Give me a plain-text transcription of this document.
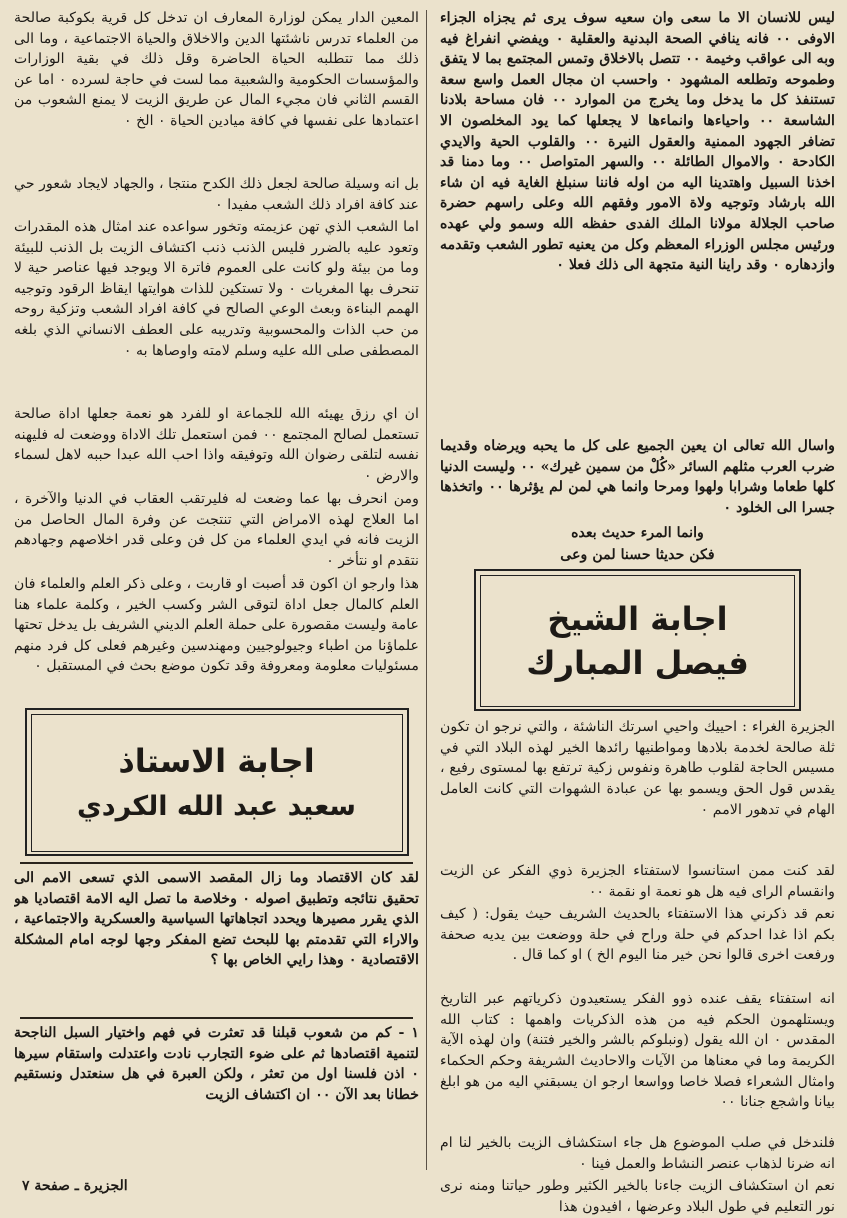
ليس للانسان الا ما سعى وان سعيه سوف يرى ثم يجزاه الجزاء الاوفى ٠٠ فانه ينافي الصحة البدنية والعقلية ٠ ويفضي انفراغ فيه وبه الى عواقب وخيمة ٠٠ تتصل بالاخلاق وتمس المجتمع بما لا يتفق وطموحه وتطلعه المشهود ٠ واحسب ان مجال العمل واسع سعة تستنفذ كل ما يدخل وما يخرج من الموارد ٠٠ فان مساحة بلادنا الشاسعة ٠٠ واحياءها وانماءها لا يجعلها كما يود المخلصون الا تضافر الجهود الممنية والعقول النيرة ٠٠ والقلوب الحية والايدي الكادحة ٠ والاموال الطائلة ٠٠ والسهر المتواصل ٠٠ وما دمنا قد اخذنا السبيل واهتدينا اليه من اوله فاننا سنبلغ الغاية فيه ان شاء الله بارشاد وتوجيه ولاة الامور وفقهم الله وعلى راسهم حضرة صاحب الجلالة مولانا الملك الفدى حفظه الله وسمو ولي عهده ورئيس مجلس الوزراء المعظم وكل من يعنيه تطور الشعب وتقدمه وازدهاره ٠ وقد راينا النية متجهة الى ذلك فعلا ٠

واسال الله تعالى ان يعين الجميع على كل ما يحبه ويرضاه وقديما ضرب العرب مثلهم السائر «كُلْ من سمين غيرك» ٠٠ وليست الدنيا كلها طعاما وشرابا ولهوا ومرحا وانما هي لمن لم يؤثرها ٠٠ واتخذها جسرا الى الخلود ٠

وانما المرء حديث بعده

فكن حديثا حسنا لمن وعى

اجابة الشيخ
فيصل المبارك

الجزيرة الغراء : احييك واحيي اسرتك الناشئة ، والتي نرجو ان تكون ثلة صالحة لخدمة بلادها ومواطنيها رائدها الخير لهذه البلاد التي في مسيس الحاجة لقلوب طاهرة ونفوس زكية ترتفع بها لمستوى رفيع ، يقدس قول الحق ويسمو بها عن عبادة الشهوات التي كانت العامل الهام في تدهور الامم ٠

لقد كنت ممن استانسوا لاستفتاء الجزيرة ذوي الفكر عن الزيت وانقسام الراى فيه هل هو نعمة او نقمة ٠٠

نعم قد ذكرني هذا الاستفتاء بالحديث الشريف حيث يقول: ( كيف بكم اذا غدا احدكم في حلة وراح في حلة ووضعت بين يديه صحفة ورفعت اخرى قالوا نحن خير منا اليوم الخ ) او كما قال .

انه استفتاء يقف عنده ذوو الفكر يستعيدون ذكرياتهم عبر التاريخ ويستلهمون الحكم فيه من هذه الذكريات واهمها : كتاب الله المقدس ٠ ان الله يقول (ونبلوكم بالشر والخير فتنة) وان لهذه الآية الكريمة وما في معناها من الآيات والاحاديث الشريفة وحكم الحكماء وامثال الشعراء فصلا خاصا وواسعا ارجو ان يسبقني اليه من هو ابلغ بيانا واشجع جنانا ٠٠

فلندخل في صلب الموضوع هل جاء استكشاف الزيت بالخير لنا ام انه ضرنا لذهاب عنصر النشاط والعمل فينا ٠

نعم ان استكشاف الزيت جاءنا بالخير الكثير وطور حياتنا ومنه نرى نور التعليم في طول البلاد وعرضها ، افيدون هذا

المعين الدار يمكن لوزارة المعارف ان تدخل كل قرية بكوكبة صالحة من العلماء تدرس ناشئتها الدين والاخلاق والحياة الاجتماعية ، وما الى ذلك مما تتطلبه الحياة الحاضرة وقل ذلك في بقية الوزارات والمؤسسات الحكومية والشعبية مما لست في حاجة لسرده ٠ اما عن القسم الثاني فان مجيء المال عن طريق الزيت لا يمنع الشعوب من اعتمادها على نفسها في كافة ميادين الحياة ٠ الخ ٠

بل انه وسيلة صالحة لجعل ذلك الكدح منتجا ، والجهاد لايجاد شعور حي عند كافة افراد ذلك الشعب مفيدا ٠

اما الشعب الذي تهن عزيمته وتخور سواعده عند امثال هذه المقدرات وتعود عليه بالضرر فليس الذنب ذنب اكتشاف الزيت بل الذنب للبيئة وما من بيئة ولو كانت على العموم فاترة الا ويوجد فيها عناصر حية لا تنحرف بها المغريات ٠ ولا تستكين للذات هوايتها ايقاظ الرقود وتوجيه الهمم البناءة وبعث الوعي الصالح في كافة افراد الشعب وتزكية روحه من حب الذات والمحسوبية وتدريبه على العطف الانساني الذي بلغه المصطفى صلى الله عليه وسلم لامته واوصاها به ٠

ان اي رزق يهيئه الله للجماعة او للفرد هو نعمة جعلها اداة صالحة تستعمل لصالح المجتمع ٠٠ فمن استعمل تلك الاداة ووضعت له فليهنه نفسه لتلقى رضوان الله وتوفيقه واذا احب الله عبدا حببه لاهل لسماء والارض ٠

ومن انحرف بها عما وضعت له فليرتقب العقاب في الدنيا والآخرة ، اما العلاج لهذه الامراض التي تنتجت عن وفرة المال الحاصل من الزيت فانه في ايدي العلماء من كل فن وعلى قدر اخلاصهم وجهادهم نتقدم او نتأخر ٠

هذا وارجو ان اكون قد أصبت او قاربت ، وعلى ذكر العلم والعلماء فان العلم كالمال جعل اداة لتوقى الشر وكسب الخير ، وكلمة علماء هنا عامة وليست مقصورة على حملة العلم الديني الشريف بل يدخل تحتها علماؤنا من اطباء وجيولوجيين ومهندسين وغيرهم فعلى كل فرد منهم مسئوليات معلومة ومعروفة وقد تكون موضع بحث في المستقبل ٠

اجابة الاستاذ
سعيد عبد الله الكردي

لقد كان الاقتصاد وما زال المقصد الاسمى الذي تسعى الامم الى تحقيق نتائجه وتطبيق اصوله ٠ وخلاصة ما تصل اليه الامة اقتصاديا هو الذي يقرر مصيرها ويحدد اتجاهاتها السياسية والعسكرية والاجتماعية ، والاراء التي تقدمتم بها للبحث تضع المفكر وجها لوجه امام المشكلة الاقتصادية ٠ وهذا رايي الخاص بها ؟

١ - كم من شعوب قبلنا قد تعثرت في فهم واختيار السبل الناجحة لتنمية اقتصادها ثم على ضوء التجارب نادت واعتدلت واستقام سيرها ٠ اذن فلسنا اول من تعثر ، ولكن العبرة في هل سنعتدل ونستقيم خطانا بعد الآن ٠٠ ان اكتشاف الزيت

الجزيرة ـ صفحة ٧
